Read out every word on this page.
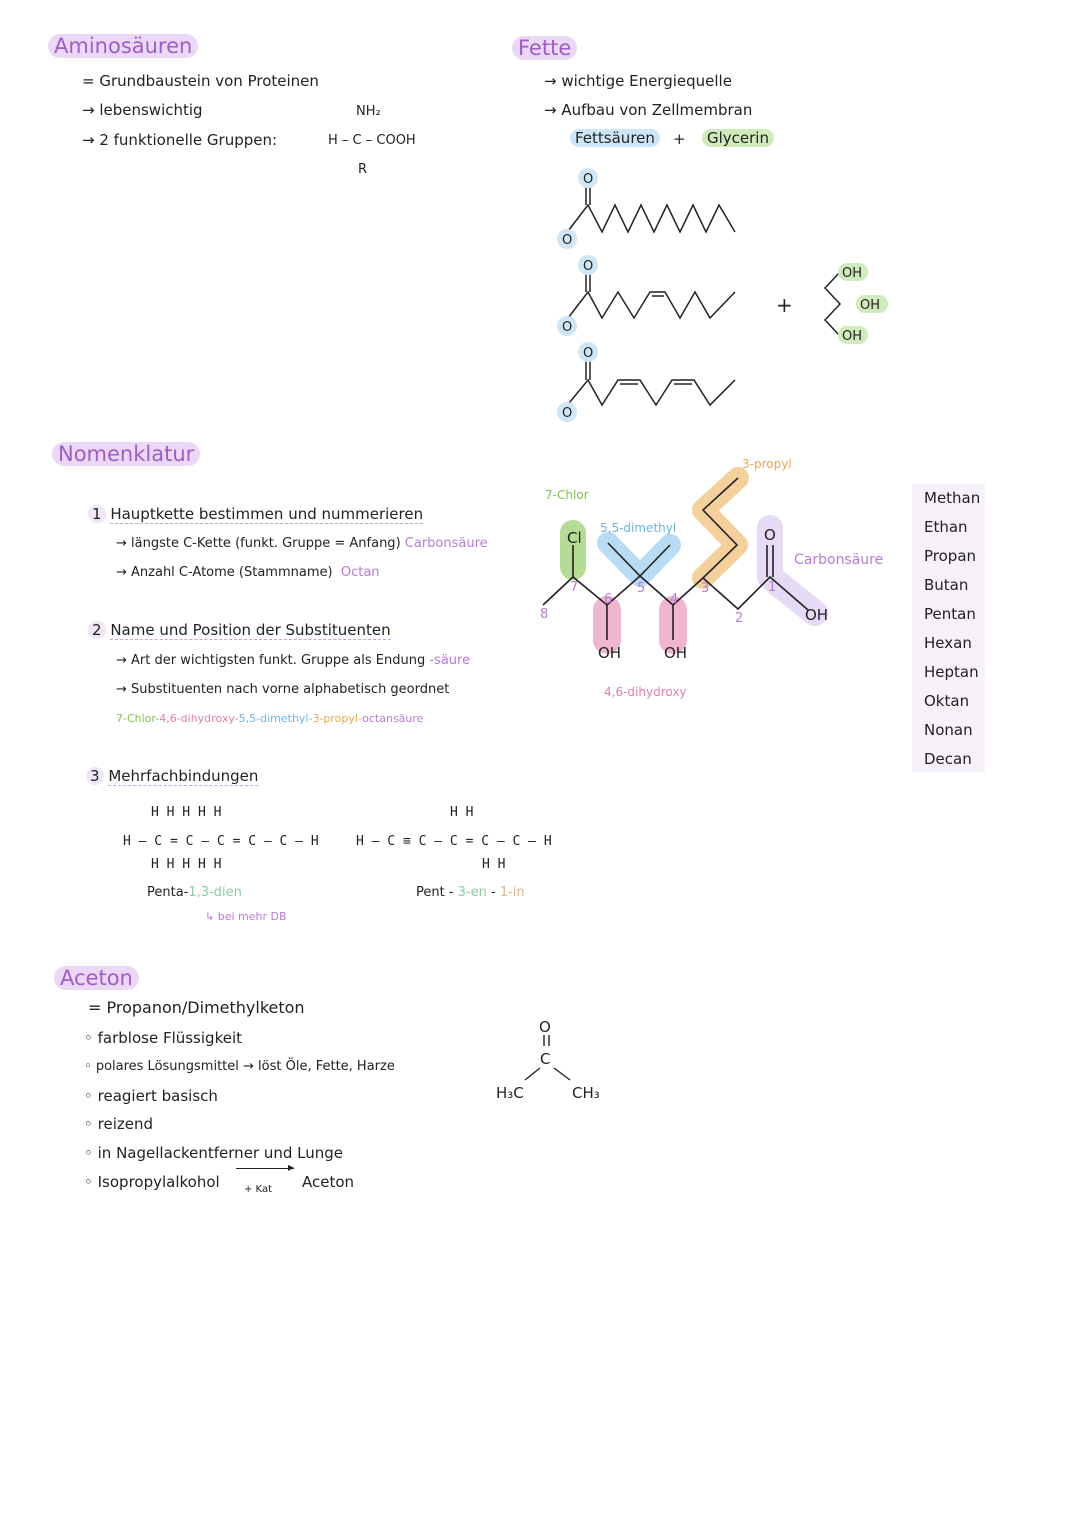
Aminosäuren
= Grundbaustein von Proteinen
→ lebenswichtig
→ 2 funktionelle Gruppen:
NH₂
H – C – COOH
R
Fette
→ wichtige Energiequelle
→ Aufbau von Zellmembran
Fettsäuren	+	Glycerin
O
O
O
O
O
O
OH
OH
OH
+
Nomenklatur
1 Hauptkette bestimmen und nummerieren
→ längste C-Kette (funkt. Gruppe = Anfang) Carbonsäure
→ Anzahl C-Atome (Stammname) Octan
2 Name und Position der Substituenten
→ Art der wichtigsten funkt. Gruppe als Endung -säure
→ Substituenten nach vorne alphabetisch geordnet
7-Chlor-4,6-dihydroxy-5,5-dimethyl-3-propyl-octansäure
8
7
6
5
4
3
2
1
Cl	O
OH
OH	OH
7-Chlor
5,5-dimethyl
3-propyl
Carbonsäure
4,6-dihydroxy
Methan
Ethan
Propan
Butan
Pentan
Hexan
Heptan
Oktan
Nonan
Decan
3 Mehrfachbindungen
H H H H H
H – C = C – C = C – C – H
H H H H H
Penta-1,3-dien
↳ bei mehr DB
H H
H – C ≡ C – C = C – C – H
H H
Pent - 3-en - 1-in
Aceton
= Propanon/Dimethylketon
◦ farblose Flüssigkeit
◦ polares Lösungsmittel → löst Öle, Fette, Harze
◦ reagiert basisch
◦ reizend
◦ in Nagellackentferner und Lunge
◦ Isopropylalkohol
▸
+ Kat Aceton
O
C
H₃C	CH₃
